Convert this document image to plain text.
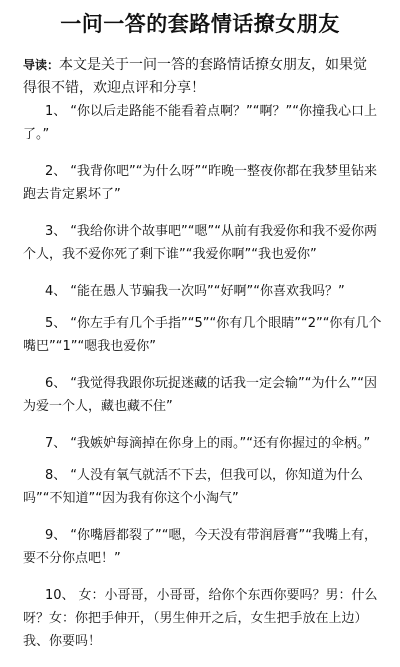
一问一答的套路情话撩女朋友
导读：本文是关于一问一答的套路情话撩女朋友，如果觉得很不错，欢迎点评和分享！
1、 “你以后走路能不能看着点啊？”“啊？”“你撞我心口上了。”
2、 “我背你吧”“为什么呀”“昨晚一整夜你都在我梦里钻来跑去肯定累坏了”
3、 “我给你讲个故事吧”“嗯”“从前有我爱你和我不爱你两个人，我不爱你死了剩下谁”“我爱你啊”“我也爱你”
4、 “能在愚人节骗我一次吗”“好啊”“你喜欢我吗？”
5、 “你左手有几个手指”“5”“你有几个眼睛”“2”“你有几个嘴巴”“1”“嗯我也爱你”
6、 “我觉得我跟你玩捉迷藏的话我一定会输”“为什么”“因为爱一个人，藏也藏不住”
7、 “我嫉妒每滴掉在你身上的雨。”“还有你握过的伞柄。”
8、 “人没有氧气就活不下去，但我可以，你知道为什么吗”“不知道”“因为我有你这个小淘气”
9、 “你嘴唇都裂了”“嗯，今天没有带润唇膏”“我嘴上有，要不分你点吧！”
10、 女：小哥哥，小哥哥，给你个东西你要吗？男：什么呀？女：你把手伸开，（男生伸开之后，女生把手放在上边）我、你要吗！
